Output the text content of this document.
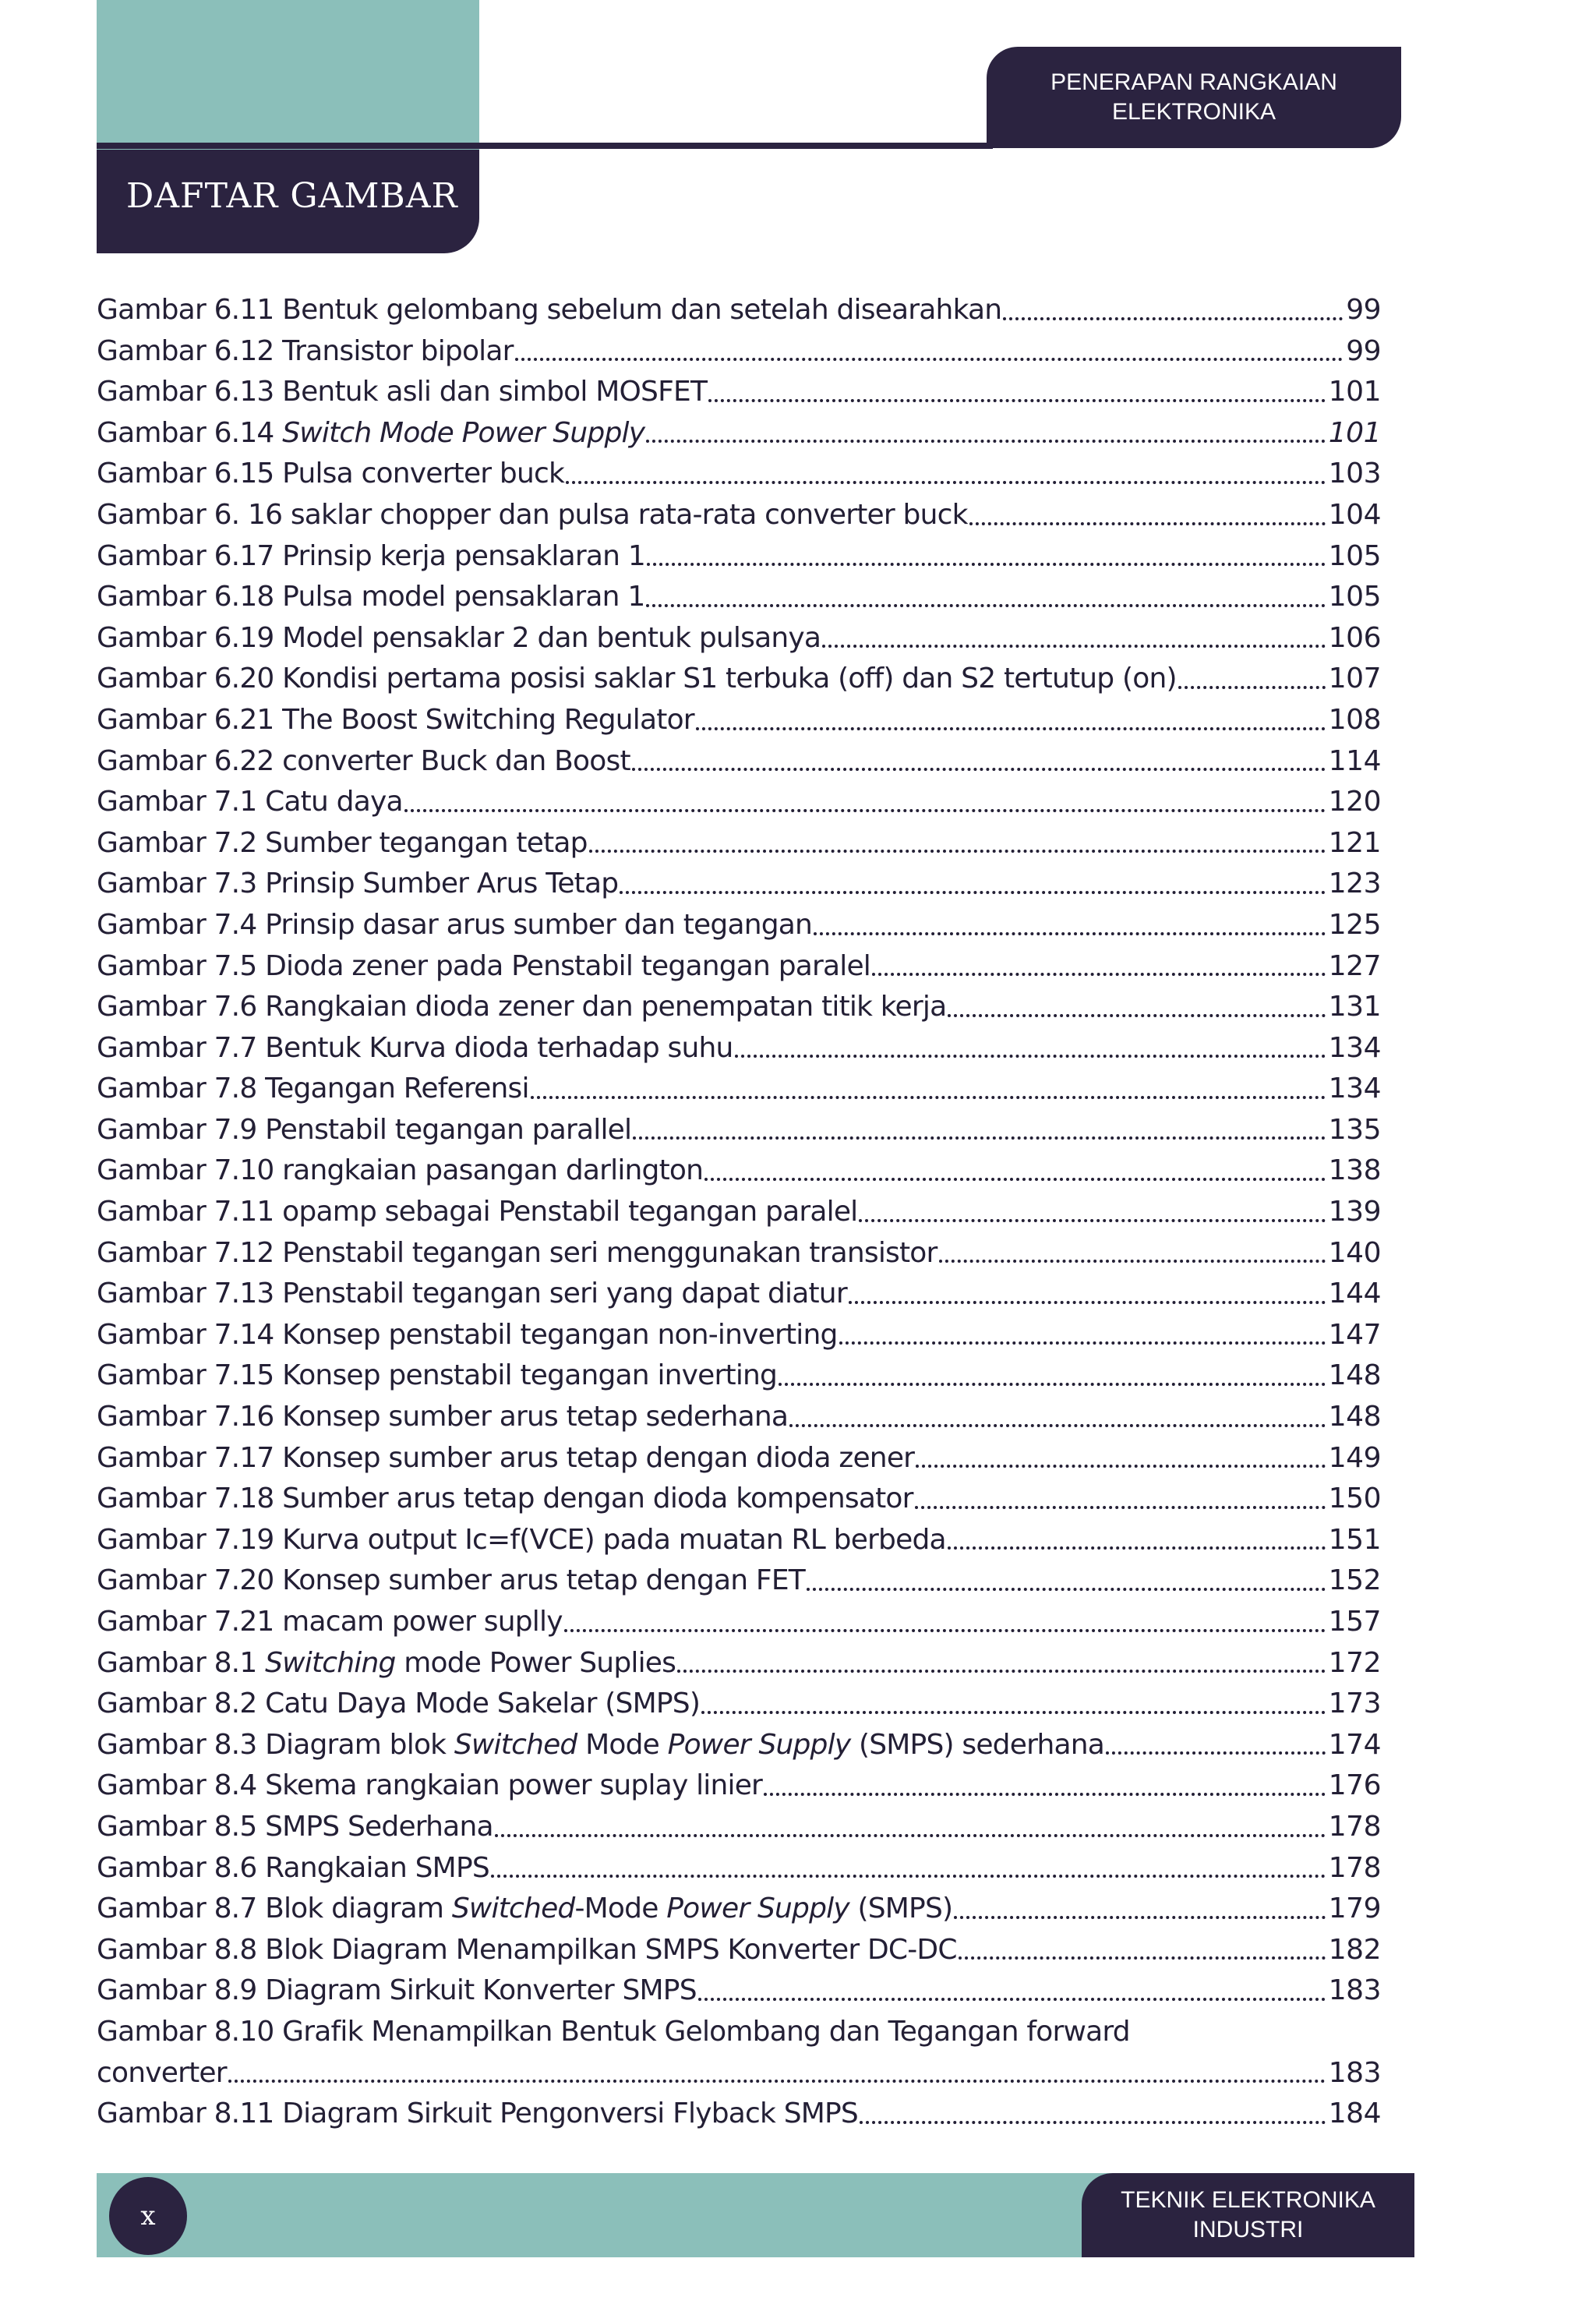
PENERAPAN RANGKAIAN
ELEKTRONIKA
DAFTAR GAMBAR
Gambar 6.11 Bentuk gelombang sebelum dan setelah disearahkan	99
Gambar 6.12 Transistor bipolar	99
Gambar 6.13 Bentuk asli dan simbol MOSFET	101
Gambar 6.14 Switch Mode Power Supply	101
Gambar 6.15 Pulsa converter buck	103
Gambar 6. 16 saklar chopper dan pulsa rata-rata converter buck	104
Gambar 6.17 Prinsip kerja pensaklaran 1	105
Gambar 6.18 Pulsa model pensaklaran 1	105
Gambar 6.19 Model pensaklar 2 dan bentuk pulsanya	106
Gambar 6.20 Kondisi pertama posisi saklar S1 terbuka (off) dan S2 tertutup (on)	107
Gambar 6.21 The Boost Switching Regulator	108
Gambar 6.22 converter Buck dan Boost	114
Gambar 7.1 Catu daya	120
Gambar 7.2 Sumber tegangan tetap	121
Gambar 7.3 Prinsip Sumber Arus Tetap	123
Gambar 7.4 Prinsip dasar arus sumber dan tegangan	125
Gambar 7.5 Dioda zener pada Penstabil tegangan paralel	127
Gambar 7.6 Rangkaian dioda zener dan penempatan titik kerja	131
Gambar 7.7 Bentuk Kurva dioda terhadap suhu	134
Gambar 7.8 Tegangan Referensi	134
Gambar 7.9 Penstabil tegangan parallel	135
Gambar 7.10 rangkaian pasangan darlington	138
Gambar 7.11 opamp sebagai Penstabil tegangan paralel	139
Gambar 7.12 Penstabil tegangan seri menggunakan transistor	140
Gambar 7.13 Penstabil tegangan seri yang dapat diatur	144
Gambar 7.14 Konsep penstabil tegangan non-inverting	147
Gambar 7.15 Konsep penstabil tegangan inverting	148
Gambar 7.16 Konsep sumber arus tetap sederhana	148
Gambar 7.17 Konsep sumber arus tetap dengan dioda zener	149
Gambar 7.18 Sumber arus tetap dengan dioda kompensator	150
Gambar 7.19 Kurva output Ic=f(VCE) pada muatan RL berbeda	151
Gambar 7.20 Konsep sumber arus tetap dengan FET	152
Gambar 7.21 macam power suplly	157
Gambar 8.1 Switching mode Power Suplies	172
Gambar 8.2 Catu Daya Mode Sakelar (SMPS)	173
Gambar 8.3 Diagram blok Switched Mode Power Supply (SMPS) sederhana	174
Gambar 8.4 Skema rangkaian power suplay linier	176
Gambar 8.5 SMPS Sederhana	178
Gambar 8.6 Rangkaian SMPS	178
Gambar 8.7 Blok diagram Switched-Mode Power Supply (SMPS)	179
Gambar 8.8 Blok Diagram Menampilkan SMPS Konverter DC-DC	182
Gambar 8.9 Diagram Sirkuit Konverter SMPS	183
Gambar 8.10 Grafik Menampilkan Bentuk Gelombang dan Tegangan forward
converter	183
Gambar 8.11 Diagram Sirkuit Pengonversi Flyback SMPS	184
x
TEKNIK ELEKTRONIKA
INDUSTRI
